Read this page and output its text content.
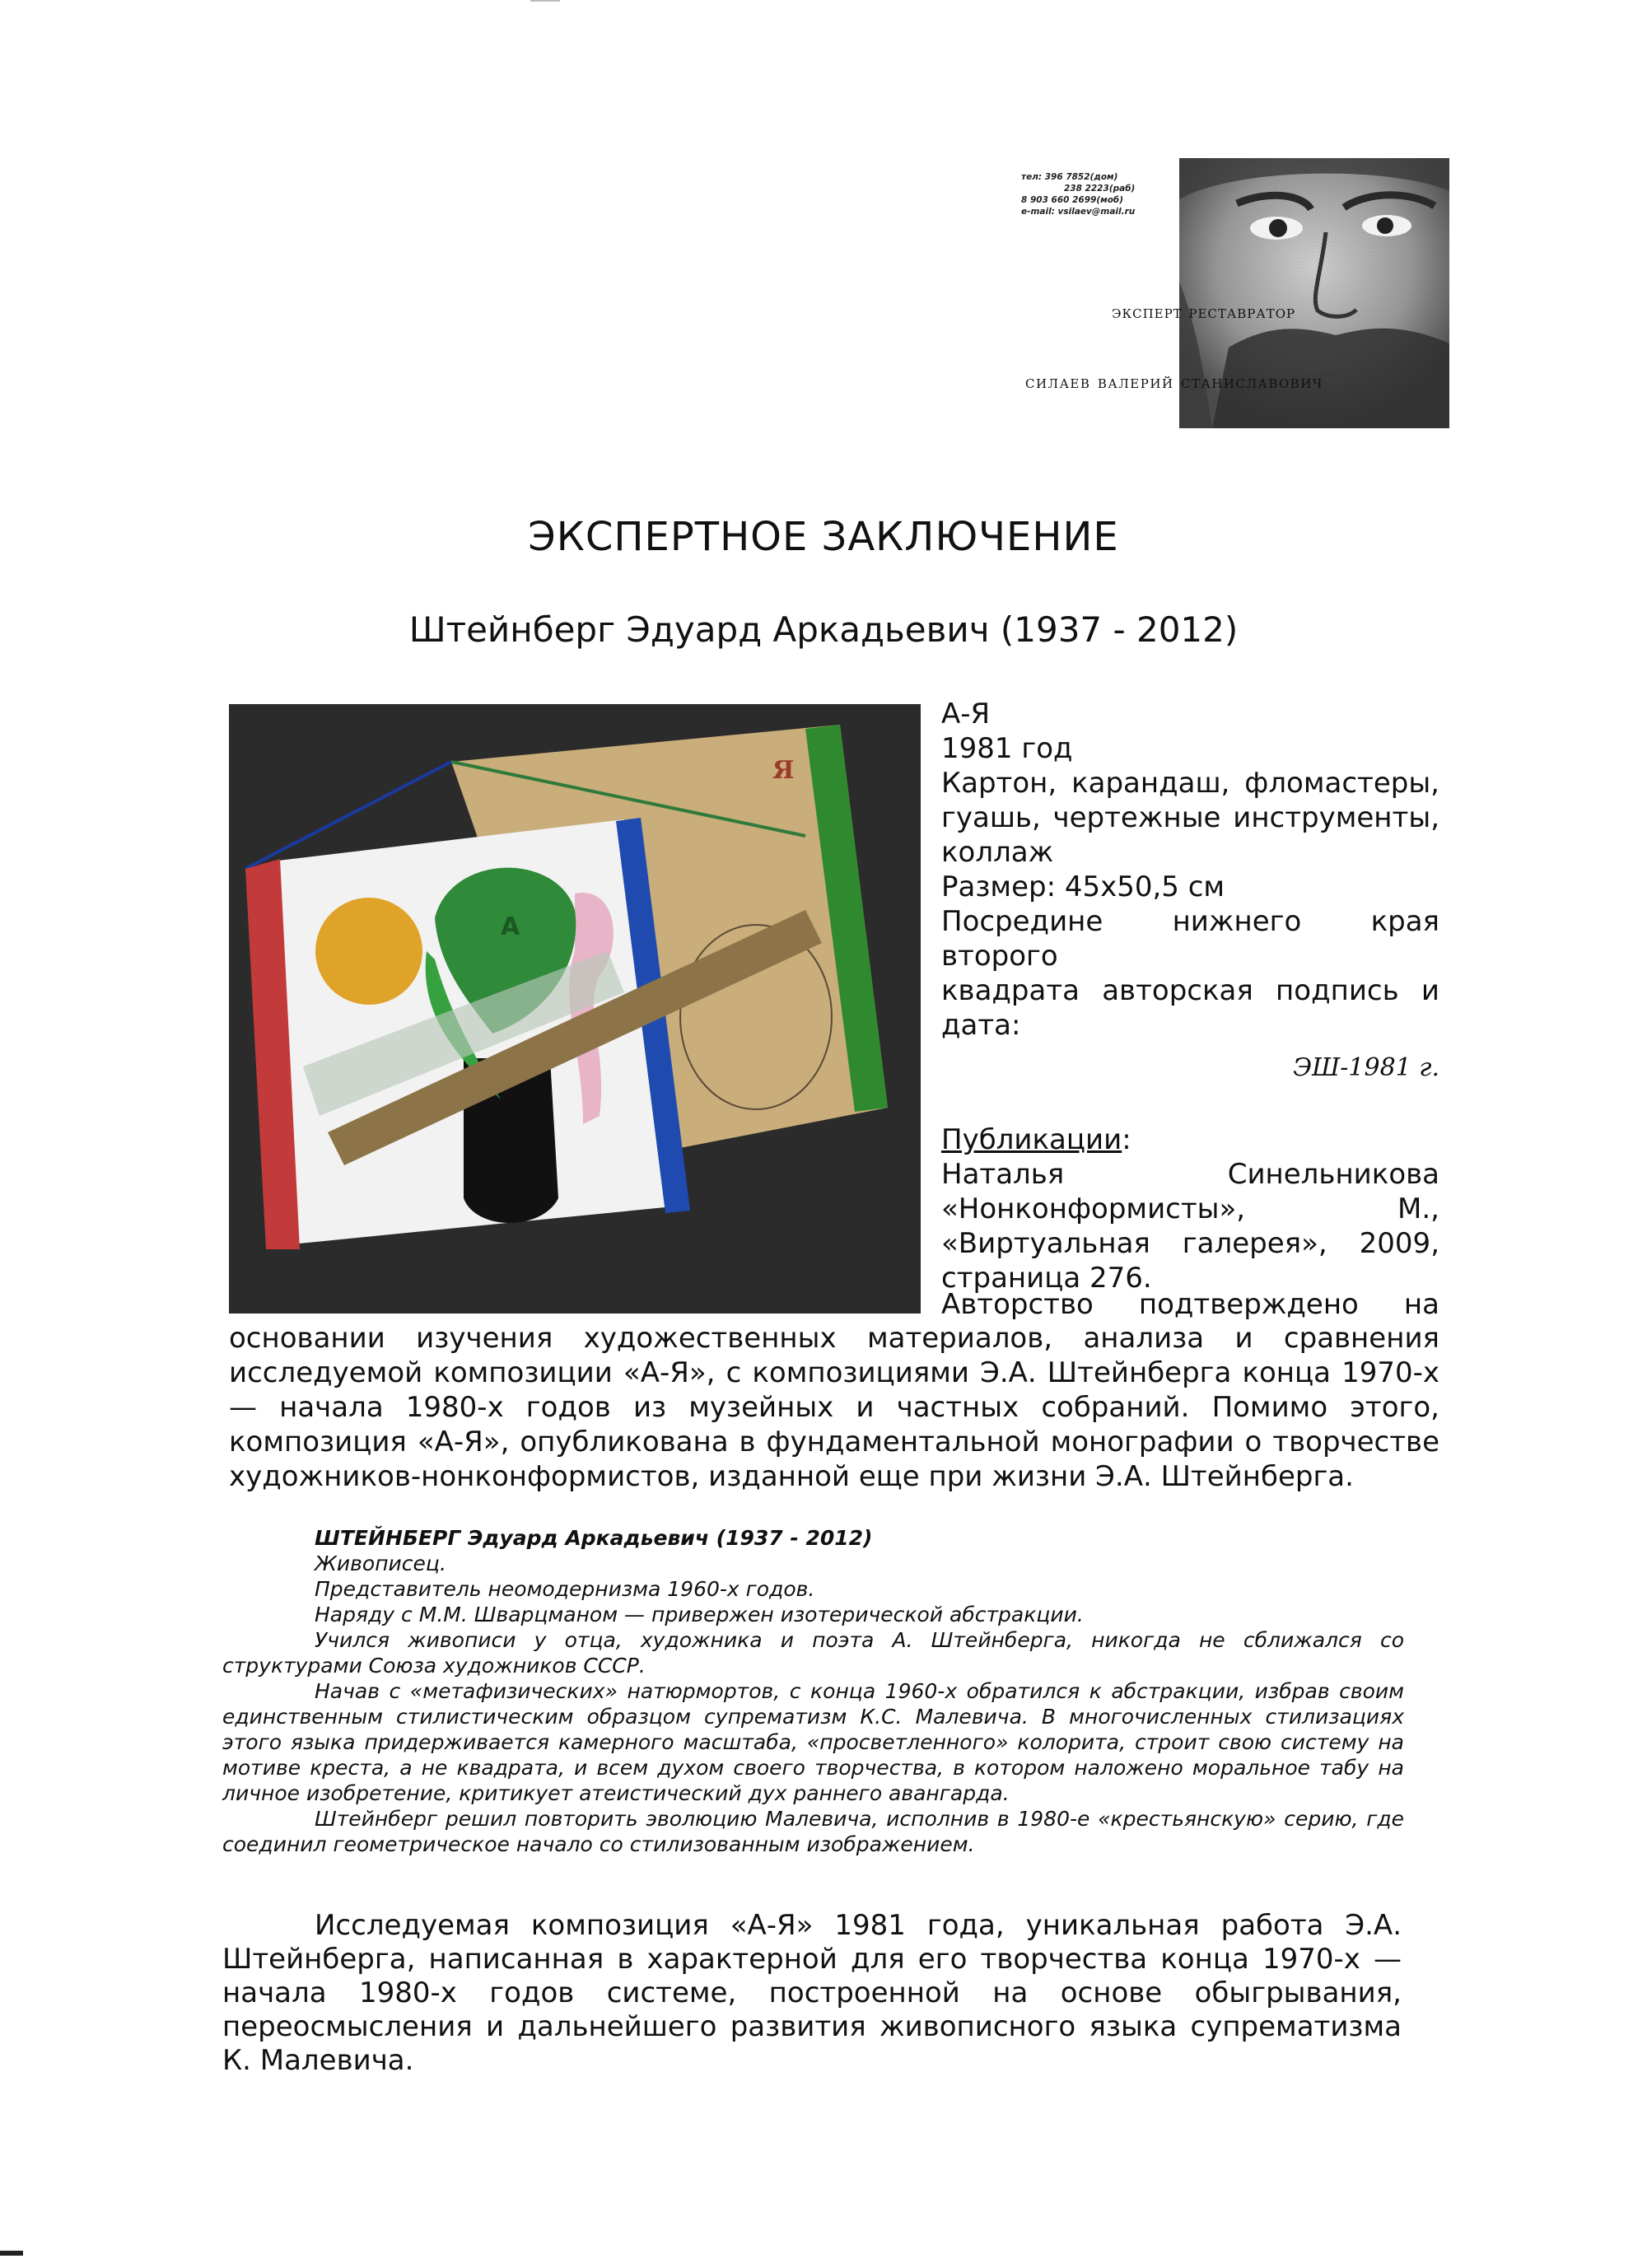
тел: 396 7852(дом)
238 2223(раб)
8 903 660 2699(моб)
e-mail: vsilaev@mail.ru
эксперт реставратор
силаев валерий станиславович
ЭКСПЕРТНОЕ ЗАКЛЮЧЕНИЕ
Штейнберг Эдуард Аркадьевич (1937 - 2012)
Я
А
А-Я
1981 год
Картон, карандаш, фломастеры,
гуашь, чертежные инструменты,
коллаж
Размер: 45х50,5 см
Посредине нижнего края второго
квадрата авторская подпись и
дата:
ЭШ-1981 г.
Публикации:
Наталья Синельникова
«Нонконформисты», М.,
«Виртуальная галерея», 2009,
страница 276.
Авторство подтверждено на
основании изучения художественных материалов, анализа и сравнения исследуемой композиции «А-Я», с композициями Э.А. Штейнберга конца 1970-х — начала 1980-х годов из музейных и частных собраний. Помимо этого, композиция «А-Я», опубликована в фундаментальной монографии о творчестве художников-нонконформистов, изданной еще при жизни Э.А. Штейнберга.

ШТЕЙНБЕРГ Эдуард Аркадьевич (1937 - 2012)

Живописец.

Представитель неомодернизма 1960-х годов.

Наряду с М.М. Шварцманом — привержен изотерической абстракции.

Учился живописи у отца, художника и поэта А. Штейнберга, никогда не сближался со структурами Союза художников СССР.

Начав с «метафизических» натюрмортов, с конца 1960-х обратился к абстракции, избрав своим единственным стилистическим образцом супрематизм К.С. Малевича. В многочисленных стилизациях этого языка придерживается камерного масштаба, «просветленного» колорита, строит свою систему на мотиве креста, а не квадрата, и всем духом своего творчества, в котором наложено моральное табу на личное изобретение, критикует атеистический дух раннего авангарда.

Штейнберг решил повторить эволюцию Малевича, исполнив в 1980-е «крестьянскую» серию, где соединил геометрическое начало со стилизованным изображением.

Исследуемая композиция «А-Я» 1981 года, уникальная работа Э.А. Штейнберга, написанная в характерной для его творчества конца 1970-х — начала 1980-х годов системе, построенной на основе обыгрывания, переосмысления и дальнейшего развития живописного языка супрематизма К. Малевича.
